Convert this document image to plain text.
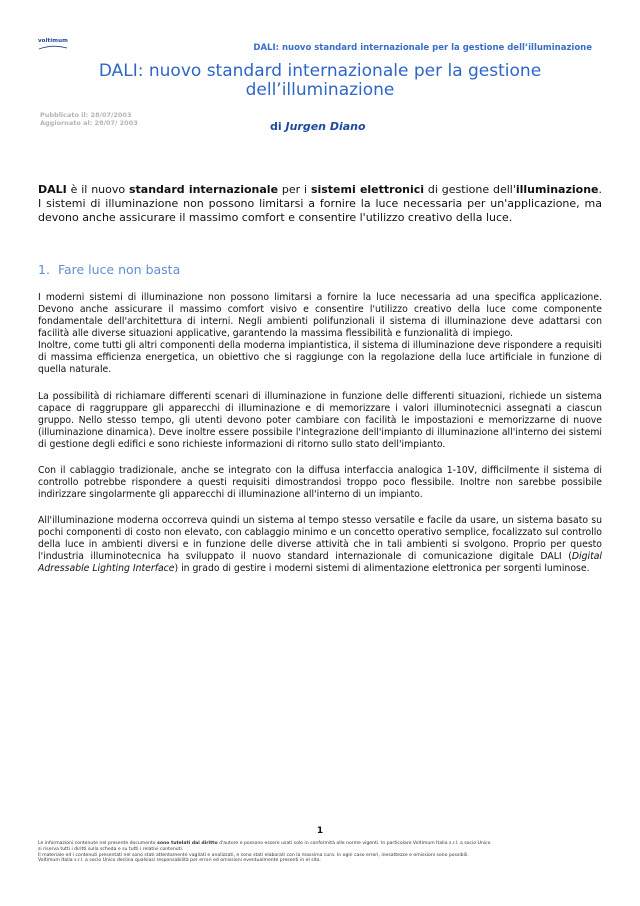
voltimum
DALI: nuovo standard internazionale per la gestione dell’illuminazione
DALI: nuovo standard internazionale per la gestione
dell’illuminazione
Pubblicato il: 28/07/2003
Aggiornato al: 28/07/ 2003	di Jurgen Diano

DALI è il nuovo standard internazionale per i sistemi elettronici di gestione dell'illuminazione. I sistemi di illuminazione non possono limitarsi a fornire la luce necessaria per un'applicazione, ma devono anche assicurare il massimo comfort e consentire l'utilizzo creativo della luce.

1. Fare luce non basta

I moderni sistemi di illuminazione non possono limitarsi a fornire la luce necessaria ad una specifica applicazione. Devono anche assicurare il massimo comfort visivo e consentire l'utilizzo creativo della luce come componente fondamentale dell'architettura di interni. Negli ambienti polifunzionali il sistema di illuminazione deve adattarsi con facilità alle diverse situazioni applicative, garantendo la massima flessibilità e funzionalità di impiego.
Inoltre, come tutti gli altri componenti della moderna impiantistica, il sistema di illuminazione deve rispondere a requisiti di massima efficienza energetica, un obiettivo che si raggiunge con la regolazione della luce artificiale in funzione di quella naturale.

La possibilità di richiamare differenti scenari di illuminazione in funzione delle differenti situazioni, richiede un sistema capace di raggruppare gli apparecchi di illuminazione e di memorizzare i valori illuminotecnici assegnati a ciascun gruppo. Nello stesso tempo, gli utenti devono poter cambiare con facilità le impostazioni e memorizzarne di nuove (illuminazione dinamica). Deve inoltre essere possibile l'integrazione dell'impianto di illuminazione all'interno dei sistemi di gestione degli edifici e sono richieste informazioni di ritorno sullo stato dell'impianto.

Con il cablaggio tradizionale, anche se integrato con la diffusa interfaccia analogica 1-10V, difficilmente il sistema di controllo potrebbe rispondere a questi requisiti dimostrandosi troppo poco flessibile. Inoltre non sarebbe possibile indirizzare singolarmente gli apparecchi di illuminazione all'interno di un impianto.

All'illuminazione moderna occorreva quindi un sistema al tempo stesso versatile e facile da usare, un sistema basato su pochi componenti di costo non elevato, con cablaggio minimo e un concetto operativo semplice, focalizzato sul controllo della luce in ambienti diversi e in funzione delle diverse attività che in tali ambienti si svolgono. Proprio per questo l'industria illuminotecnica ha sviluppato il nuovo standard internazionale di comunicazione digitale DALI (Digital Adressable Lighting Interface) in grado di gestire i moderni sistemi di alimentazione elettronica per sorgenti luminose.

1
Le informazioni contenute nel presente documento sono tutelati dai diritto d'autore e possono essere usati solo in conformità alle norme vigenti. In particolare Voltimum Italia s.r.l. a socio Unico
si riserva tutti i diritti sulla scheda e su tutti i relativi contenuti.
Il materiale ed i contenuti presentati nel sono stati attentamente vagliati e analizzati, e sono stati elaborati con la massima cura. In ogni caso errori, inesattezze e omissioni sono possibili.
Voltimum Italia s.r.l. a socio Unico declina qualsiasi responsabilità per errori ed omissioni eventualmente presenti in el sito.
